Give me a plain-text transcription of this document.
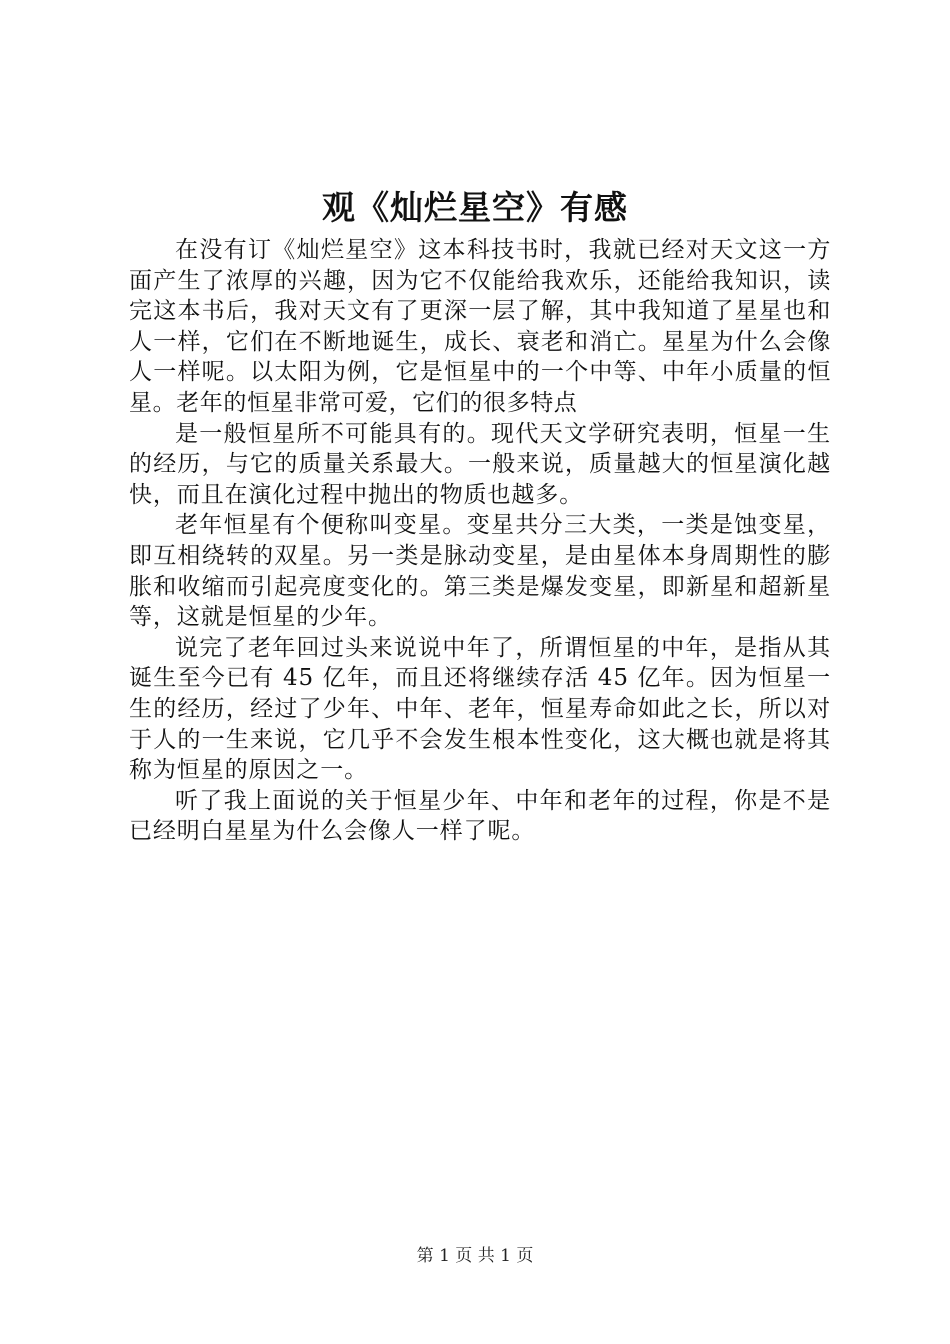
观《灿烂星空》有感

在没有订《灿烂星空》这本科技书时，我就已经对天文这一方面产生了浓厚的兴趣，因为它不仅能给我欢乐，还能给我知识，读完这本书后，我对天文有了更深一层了解，其中我知道了星星也和人一样，它们在不断地诞生，成长、衰老和消亡。星星为什么会像人一样呢。以太阳为例，它是恒星中的一个中等、中年小质量的恒星。老年的恒星非常可爱，它们的很多特点

是一般恒星所不可能具有的。现代天文学研究表明，恒星一生的经历，与它的质量关系最大。一般来说，质量越大的恒星演化越快，而且在演化过程中抛出的物质也越多。

老年恒星有个便称叫变星。变星共分三大类，一类是蚀变星，即互相绕转的双星。另一类是脉动变星，是由星体本身周期性的膨胀和收缩而引起亮度变化的。第三类是爆发变星，即新星和超新星等，这就是恒星的少年。

说完了老年回过头来说说中年了，所谓恒星的中年，是指从其诞生至今已有 45 亿年，而且还将继续存活 45 亿年。因为恒星一生的经历，经过了少年、中年、老年，恒星寿命如此之长，所以对于人的一生来说，它几乎不会发生根本性变化，这大概也就是将其称为恒星的原因之一。

听了我上面说的关于恒星少年、中年和老年的过程，你是不是已经明白星星为什么会像人一样了呢。

第 1 页 共 1 页
